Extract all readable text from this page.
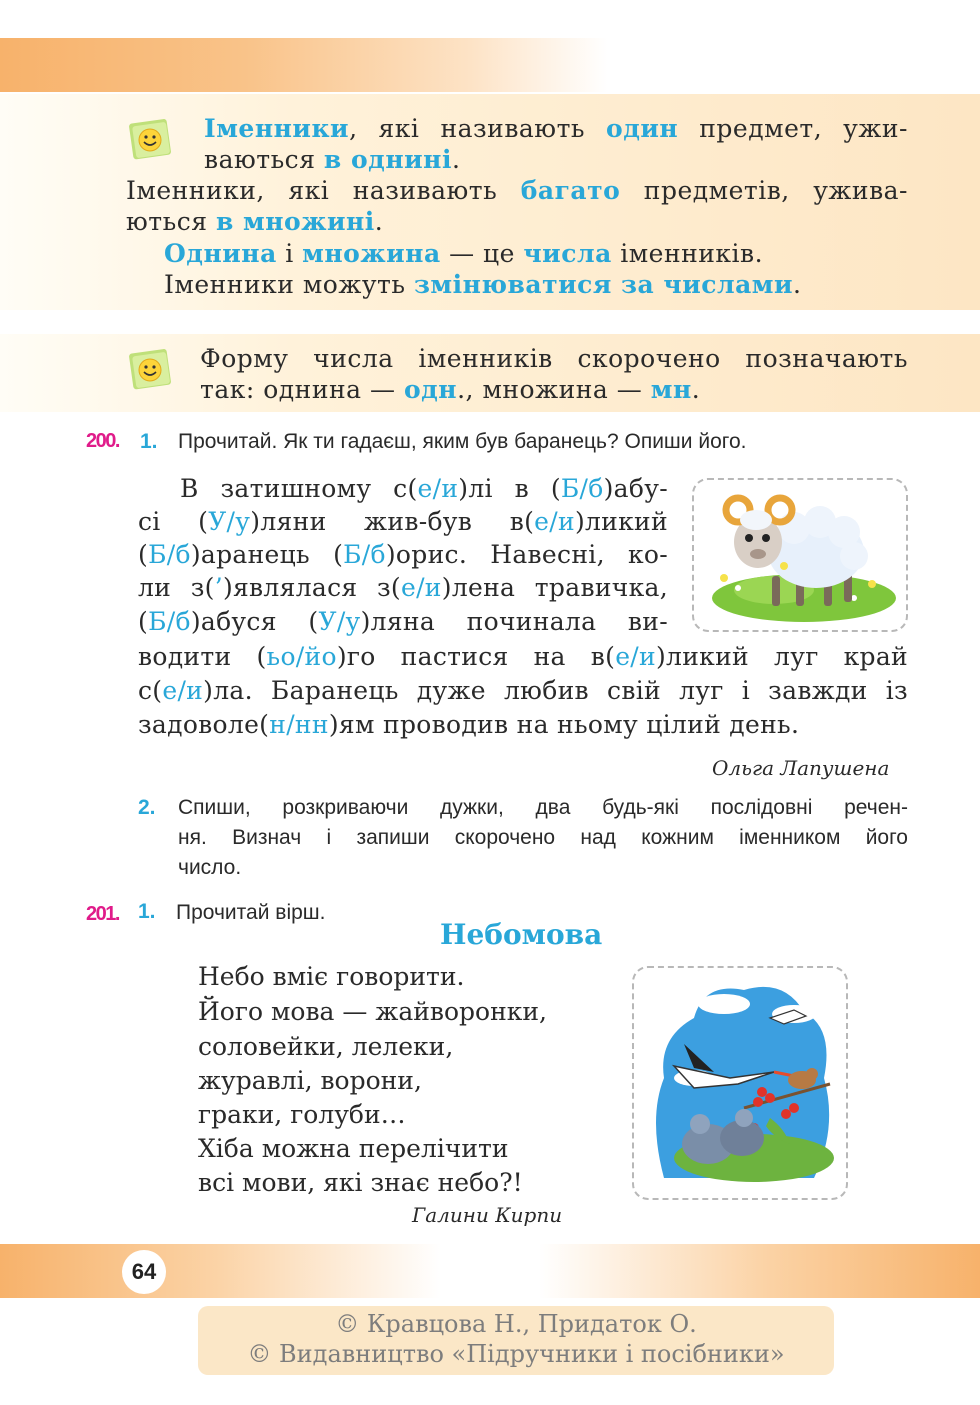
Іменники, які називають один предмет, ужи-

ваються в однині.

Іменники, які називають багато предметів, ужива-

ються в множині.

Однина і множина — це числа іменників.

Іменники можуть змінюватися за числами.

Форму числа іменників скорочено позначають

так: однина — одн., множина — мн.

200. 1. Прочитай. Як ти гадаєш, яким був баранець? Опиши його.

В затишному с(е/и)лі в (Б/б)абу-
сі (У/у)ляни жив-був в(е/и)ликий
(Б/б)аранець (Б/б)орис. Навесні, ко-
ли з(’)являлася з(е/и)лена травичка,
(Б/б)абуся (У/у)ляна починала ви-
водити (ьо/йо)го пастися на в(е/и)ликий луг край
с(е/и)ла. Баранець дуже любив свій луг і завжди із
задоволе(н/нн)ям проводив на ньому цілий день.
Ольга Лапушена
2. Спиши, розкриваючи дужки, два будь-які послідовні речен-

ня. Визнач і запиши скорочено над кожним іменником його

число.

201. 1. Прочитай вірш.

Небомова
Небо вміє говорити.
Його мова — жайворонки,
соловейки, лелеки,
журавлі, ворони,
граки, голуби…
Хіба можна перелічити
всі мови, які знає небо?!
Галини Кирпи
64
© Кравцова Н., Придаток О.
© Видавництво «Підручники і посібники»
